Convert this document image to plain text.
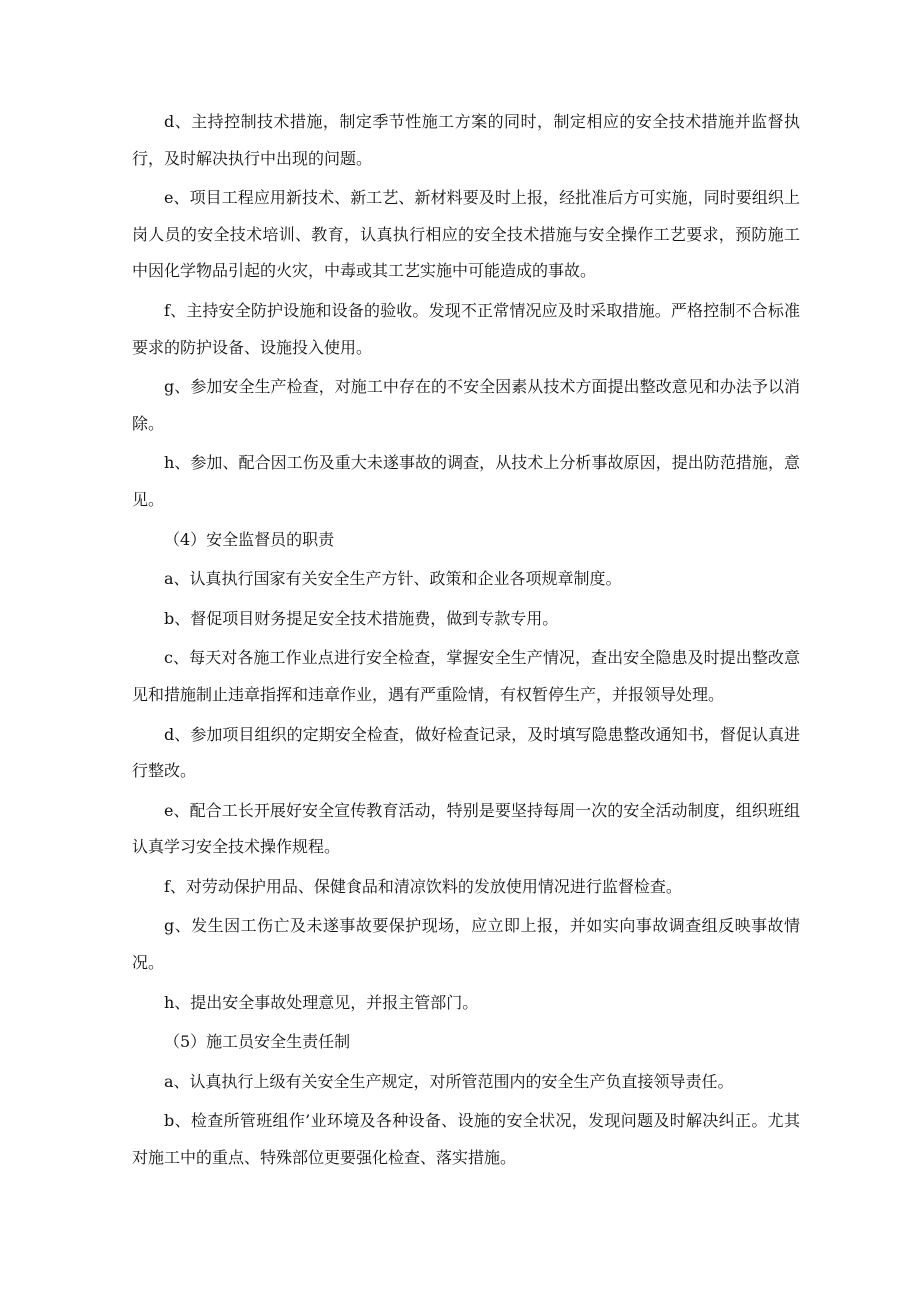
d、主持控制技术措施，制定季节性施工方案的同时，制定相应的安全技术措施并监督执行，及时解决执行中出现的问题。

e、项目工程应用新技术、新工艺、新材料要及时上报，经批准后方可实施，同时要组织上岗人员的安全技术培训、教育，认真执行相应的安全技术措施与安全操作工艺要求，预防施工中因化学物品引起的火灾，中毒或其工艺实施中可能造成的事故。

f、主持安全防护设施和设备的验收。发现不正常情况应及时采取措施。严格控制不合标准要求的防护设备、设施投入使用。

g、参加安全生产检查，对施工中存在的不安全因素从技术方面提出整改意见和办法予以消除。

h、参加、配合因工伤及重大未遂事故的调查，从技术上分析事故原因，提出防范措施，意见。

（4）安全监督员的职责

a、认真执行国家有关安全生产方针、政策和企业各项规章制度。

b、督促项目财务提足安全技术措施费，做到专款专用。

c、每天对各施工作业点进行安全检查，掌握安全生产情况，查出安全隐患及时提出整改意见和措施制止违章指挥和违章作业，遇有严重险情，有权暂停生产，并报领导处理。

d、参加项目组织的定期安全检查，做好检查记录，及时填写隐患整改通知书，督促认真进行整改。

e、配合工长开展好安全宣传教育活动，特别是要坚持每周一次的安全活动制度，组织班组认真学习安全技术操作规程。

f、对劳动保护用品、保健食品和清凉饮料的发放使用情况进行监督检查。

g、发生因工伤亡及未遂事故要保护现场，应立即上报，并如实向事故调查组反映事故情况。

h、提出安全事故处理意见，并报主管部门。

（5）施工员安全生责任制

a、认真执行上级有关安全生产规定，对所管范围内的安全生产负直接领导责任。

b、检查所管班组作’业环境及各种设备、设施的安全状况，发现问题及时解决纠正。尤其对施工中的重点、特殊部位更要强化检查、落实措施。
